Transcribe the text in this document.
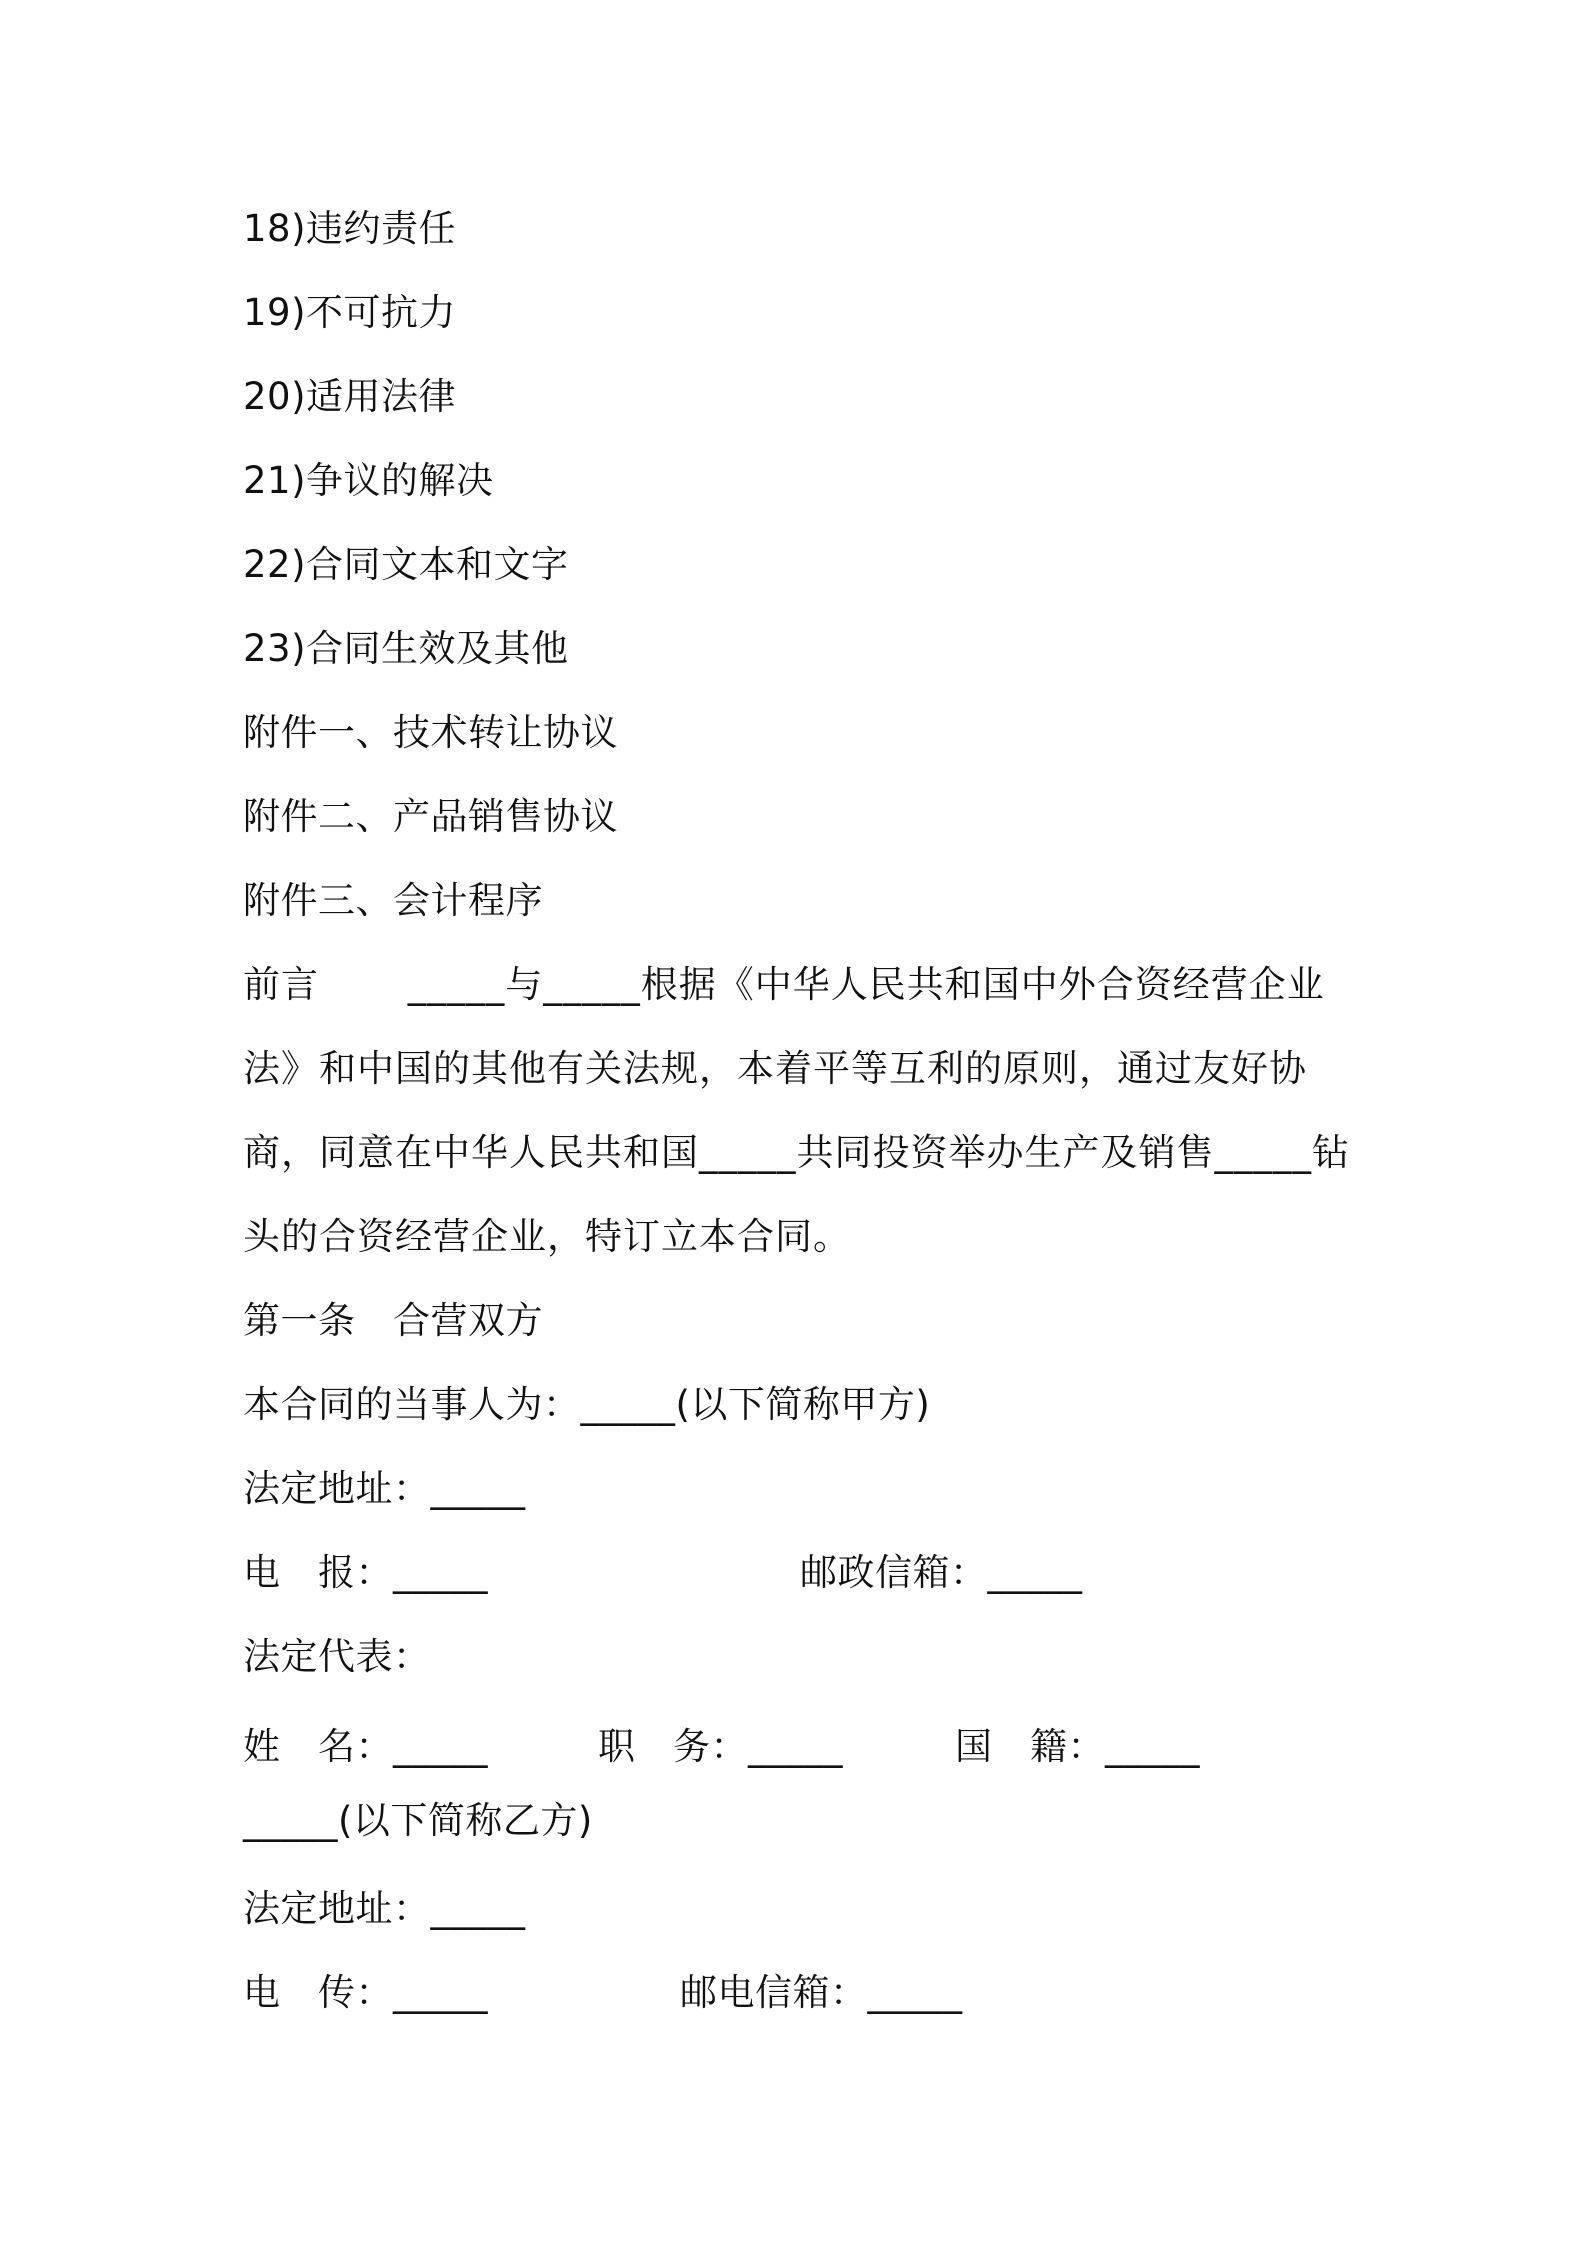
18)违约责任
19)不可抗力
20)适用法律
21)争议的解决
22)合同文本和文字
23)合同生效及其他
附件一、技术转让协议
附件二、产品销售协议
附件三、会计程序
前言　　 _____与_____根据《中华人民共和国中外合资经营企业法》和中国的其他有关法规，本着平等互利的原则，通过友好协商，同意在中华人民共和国_____共同投资举办生产及销售_____钻头的合资经营企业，特订立本合同。
第一条　合营双方
本合同的当事人为：_____(以下简称甲方)
法定地址：_____
电　报：_____	邮政信箱：_____
法定代表：
姓　名：_____	职　务：_____	国　籍：_____
_____(以下简称乙方)
法定地址：_____
电　传：_____	邮电信箱：_____
